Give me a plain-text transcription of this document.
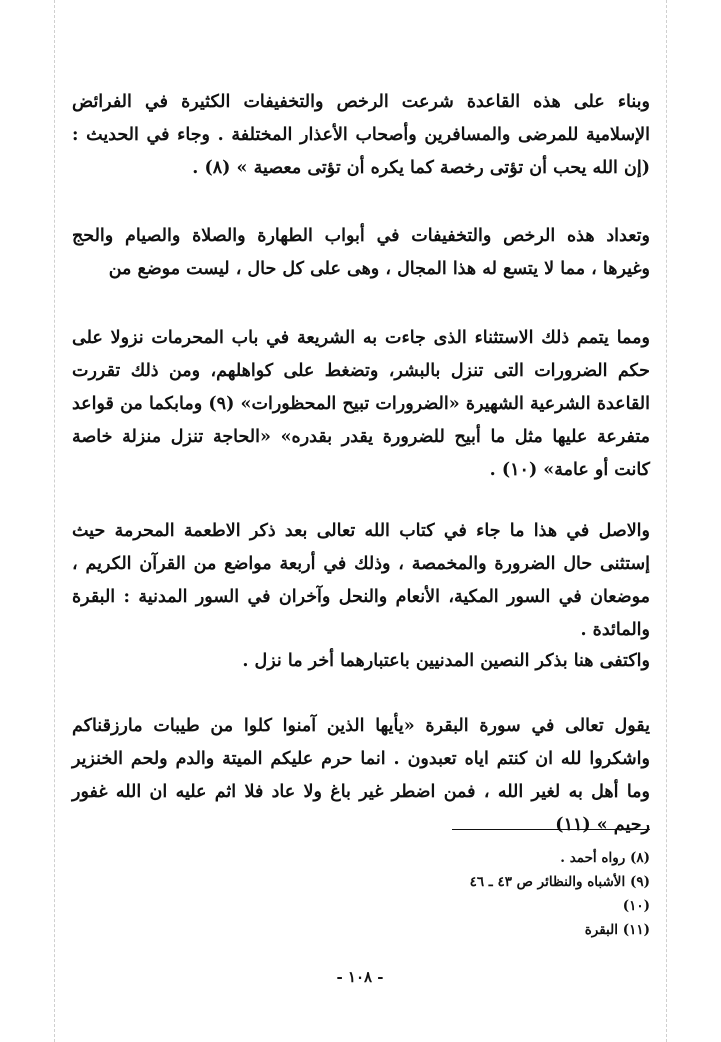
وبناء على هذه القاعدة شرعت الرخص والتخفيفات الكثيرة في الفرائض الإسلامية للمرضى والمسافرين وأصحاب الأعذار المختلفة . وجاء في الحديث : (إن الله يحب أن تؤتى رخصة كما يكره أن تؤتى معصية » (٨) .
وتعداد هذه الرخص والتخفيفات في أبواب الطهارة والصلاة والصيام والحج وغيرها ، مما لا يتسع له هذا المجال ، وهى على كل حال ، ليست موضع من
ومما يتمم ذلك الاستثناء الذى جاءت به الشريعة في باب المحرمات نزولا على حكم الضرورات التى تنزل بالبشر، وتضغط على كواهلهم، ومن ذلك تقررت القاعدة الشرعية الشهيرة «الضرورات تبيح المحظورات» (٩) ومابكما من قواعد متفرعة عليها مثل ما أبيح للضرورة يقدر بقدره» «الحاجة تنزل منزلة خاصة كانت أو عامة» (١٠) .
والاصل في هذا ما جاء في كتاب الله تعالى بعد ذكر الاطعمة المحرمة حيث إستثنى حال الضرورة والمخمصة ، وذلك في أربعة مواضع من القرآن الكريم ، موضعان في السور المكية، الأنعام والنحل وآخران في السور المدنية : البقرة والمائدة .
واكتفى هنا بذكر النصين المدنيين باعتبارهما أخر ما نزل .
يقول تعالى في سورة البقرة «يأيها الذين آمنوا كلوا من طيبات مارزقناكم واشكروا لله ان كنتم اياه تعبدون . انما حرم عليكم الميتة والدم ولحم الخنزير وما أهل به لغير الله ، فمن اضطر غير باغ ولا عاد فلا اثم عليه ان الله غفور رحيم » (١١)
(٨) رواه أحمد .
(٩) الأشباه والنظائر ص ٤٣ ـ ٤٦
(١٠)
(١١) البقرة
- ١٠٨ -
